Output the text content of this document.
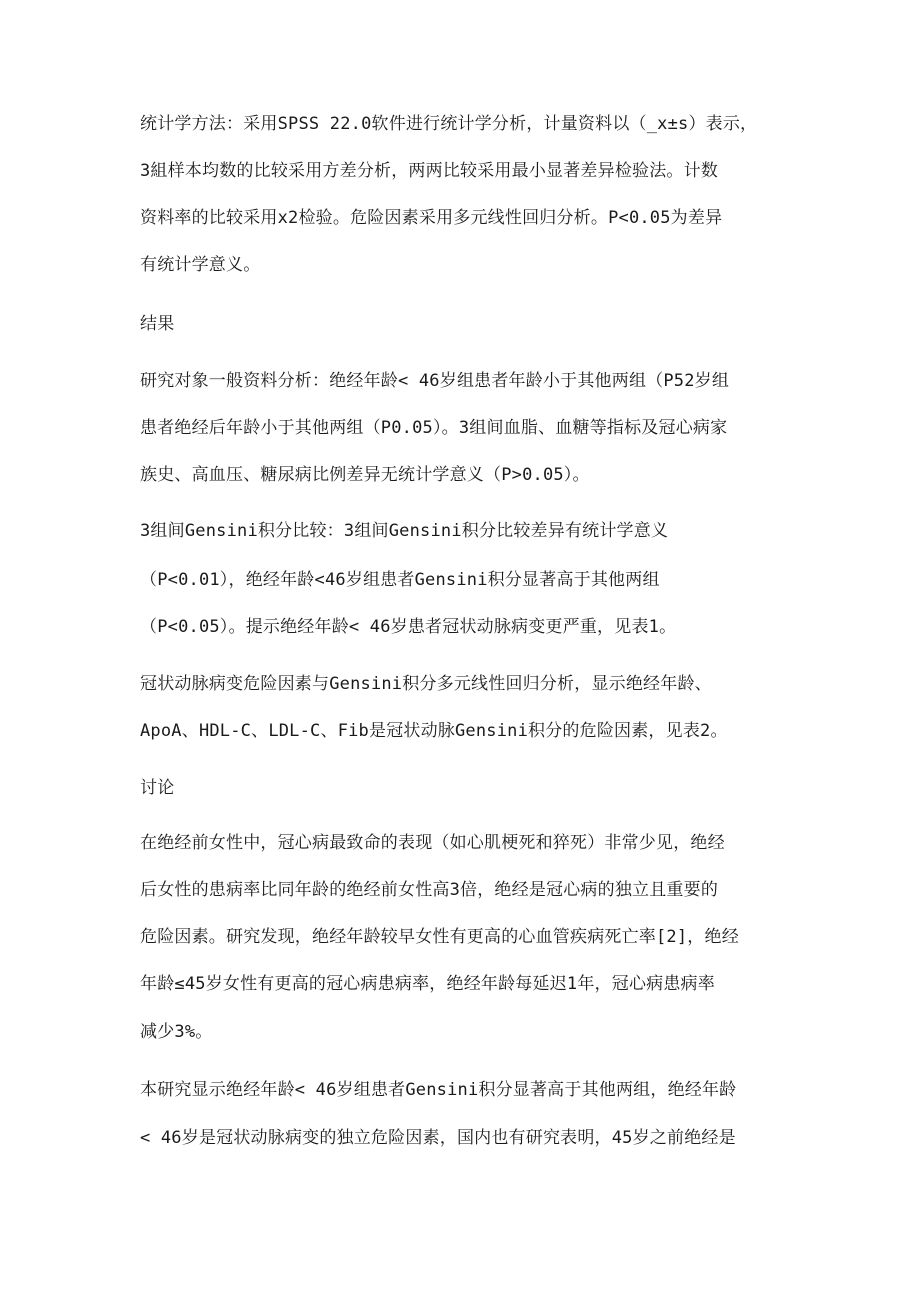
统计学方法：采用SPSS 22.0软件进行统计学分析，计量资料以（_x±s）表示，
3組样本均数的比较采用方差分析，两两比较采用最小显著差异检验法。计数
资料率的比较采用x2检验。危险因素采用多元线性回归分析。P<0.05为差异
有统计学意义。
结果
研究对象一般资料分析：绝经年龄< 46岁组患者年龄小于其他两组（P52岁组
患者绝经后年龄小于其他两组（P0.05）。3组间血脂、血糖等指标及冠心病家
族史、高血压、糖尿病比例差异无统计学意义（P>0.05）。
3组间Gensini积分比较：3组间Gensini积分比较差异有统计学意义
（P<0.01），绝经年龄<46岁组患者Gensini积分显著高于其他两组
（P<0.05）。提示绝经年龄< 46岁患者冠状动脉病变更严重，见表1。
冠状动脉病变危险因素与Gensini积分多元线性回归分析，显示绝经年龄、
ApoA、HDL-C、LDL-C、Fib是冠状动脉Gensini积分的危险因素，见表2。
讨论
在绝经前女性中，冠心病最致命的表现（如心肌梗死和猝死）非常少见，绝经
后女性的患病率比同年龄的绝经前女性高3倍，绝经是冠心病的独立且重要的
危险因素。研究发现，绝经年龄较早女性有更高的心血管疾病死亡率[2]，绝经
年龄≤45岁女性有更高的冠心病患病率，绝经年龄每延迟1年，冠心病患病率
减少3%。
本研究显示绝经年龄< 46岁组患者Gensini积分显著高于其他两组，绝经年龄
< 46岁是冠状动脉病变的独立危险因素，国内也有研究表明，45岁之前绝经是
